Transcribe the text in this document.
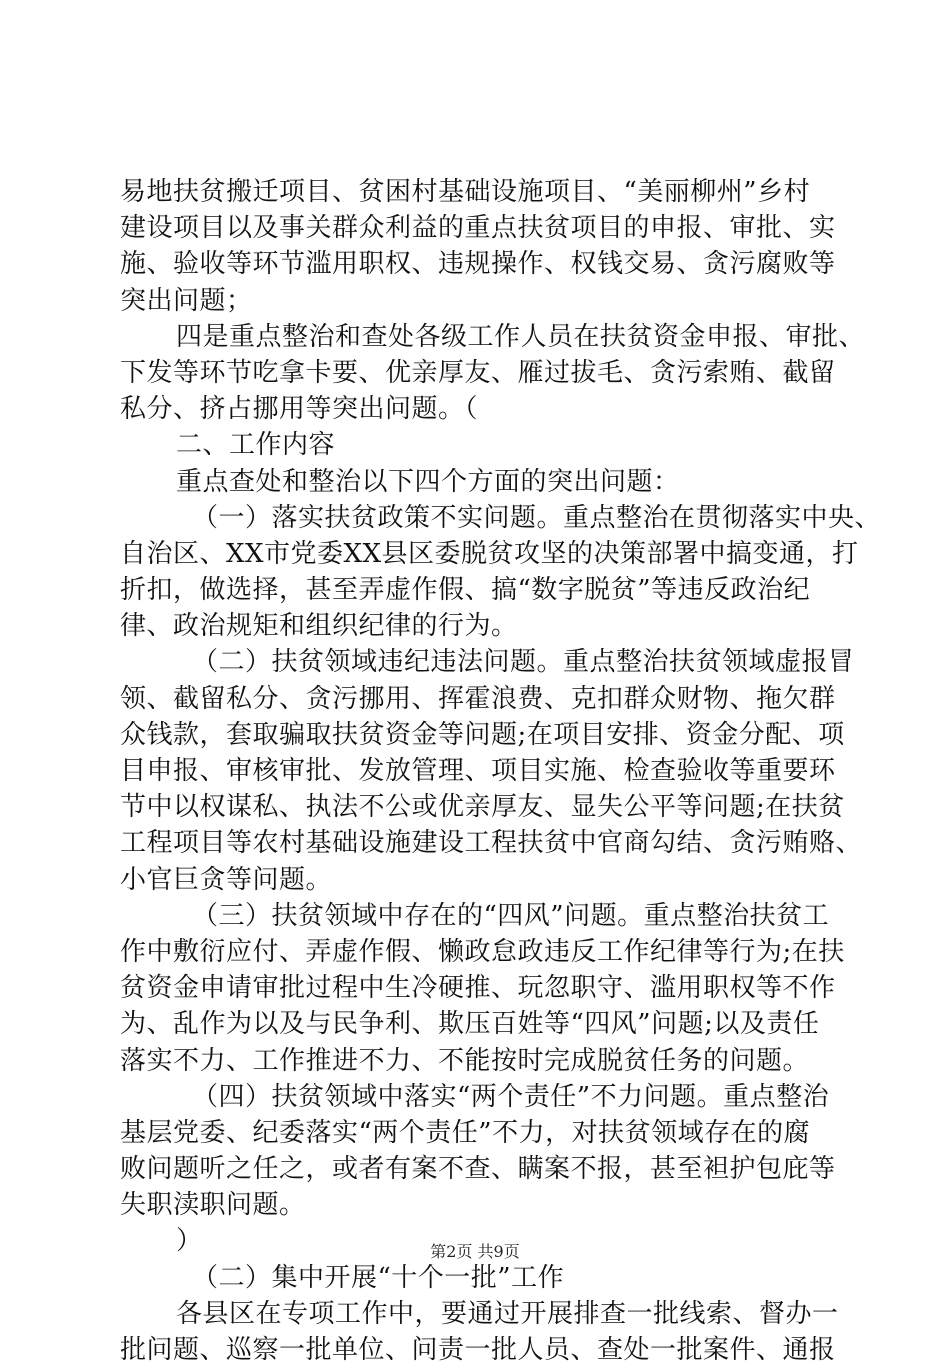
易地扶贫搬迁项目、贫困村基础设施项目、“美丽柳州”乡村
建设项目以及事关群众利益的重点扶贫项目的申报、审批、实
施、验收等环节滥用职权、违规操作、权钱交易、贪污腐败等
突出问题；
四是重点整治和查处各级工作人员在扶贫资金申报、审批、
下发等环节吃拿卡要、优亲厚友、雁过拔毛、贪污索贿、截留
私分、挤占挪用等突出问题。（
二、工作内容
重点查处和整治以下四个方面的突出问题：
（一）落实扶贫政策不实问题。重点整治在贯彻落实中央、
自治区、XX市党委XX县区委脱贫攻坚的决策部署中搞变通，打
折扣，做选择，甚至弄虚作假、搞“数字脱贫”等违反政治纪
律、政治规矩和组织纪律的行为。
（二）扶贫领域违纪违法问题。重点整治扶贫领域虚报冒
领、截留私分、贪污挪用、挥霍浪费、克扣群众财物、拖欠群
众钱款，套取骗取扶贫资金等问题;在项目安排、资金分配、项
目申报、审核审批、发放管理、项目实施、检查验收等重要环
节中以权谋私、执法不公或优亲厚友、显失公平等问题;在扶贫
工程项目等农村基础设施建设工程扶贫中官商勾结、贪污贿赂、
小官巨贪等问题。
（三）扶贫领域中存在的“四风”问题。重点整治扶贫工
作中敷衍应付、弄虚作假、懒政怠政违反工作纪律等行为;在扶
贫资金申请审批过程中生冷硬推、玩忽职守、滥用职权等不作
为、乱作为以及与民争利、欺压百姓等“四风”问题;以及责任
落实不力、工作推进不力、不能按时完成脱贫任务的问题。
（四）扶贫领域中落实“两个责任”不力问题。重点整治
基层党委、纪委落实“两个责任”不力，对扶贫领域存在的腐
败问题听之任之，或者有案不查、瞒案不报，甚至袒护包庇等
失职渎职问题。
）
（二）集中开展“十个一批”工作
各县区在专项工作中，要通过开展排查一批线索、督办一
批问题、巡察一批单位、问责一批人员、查处一批案件、通报
第2页 共9页
